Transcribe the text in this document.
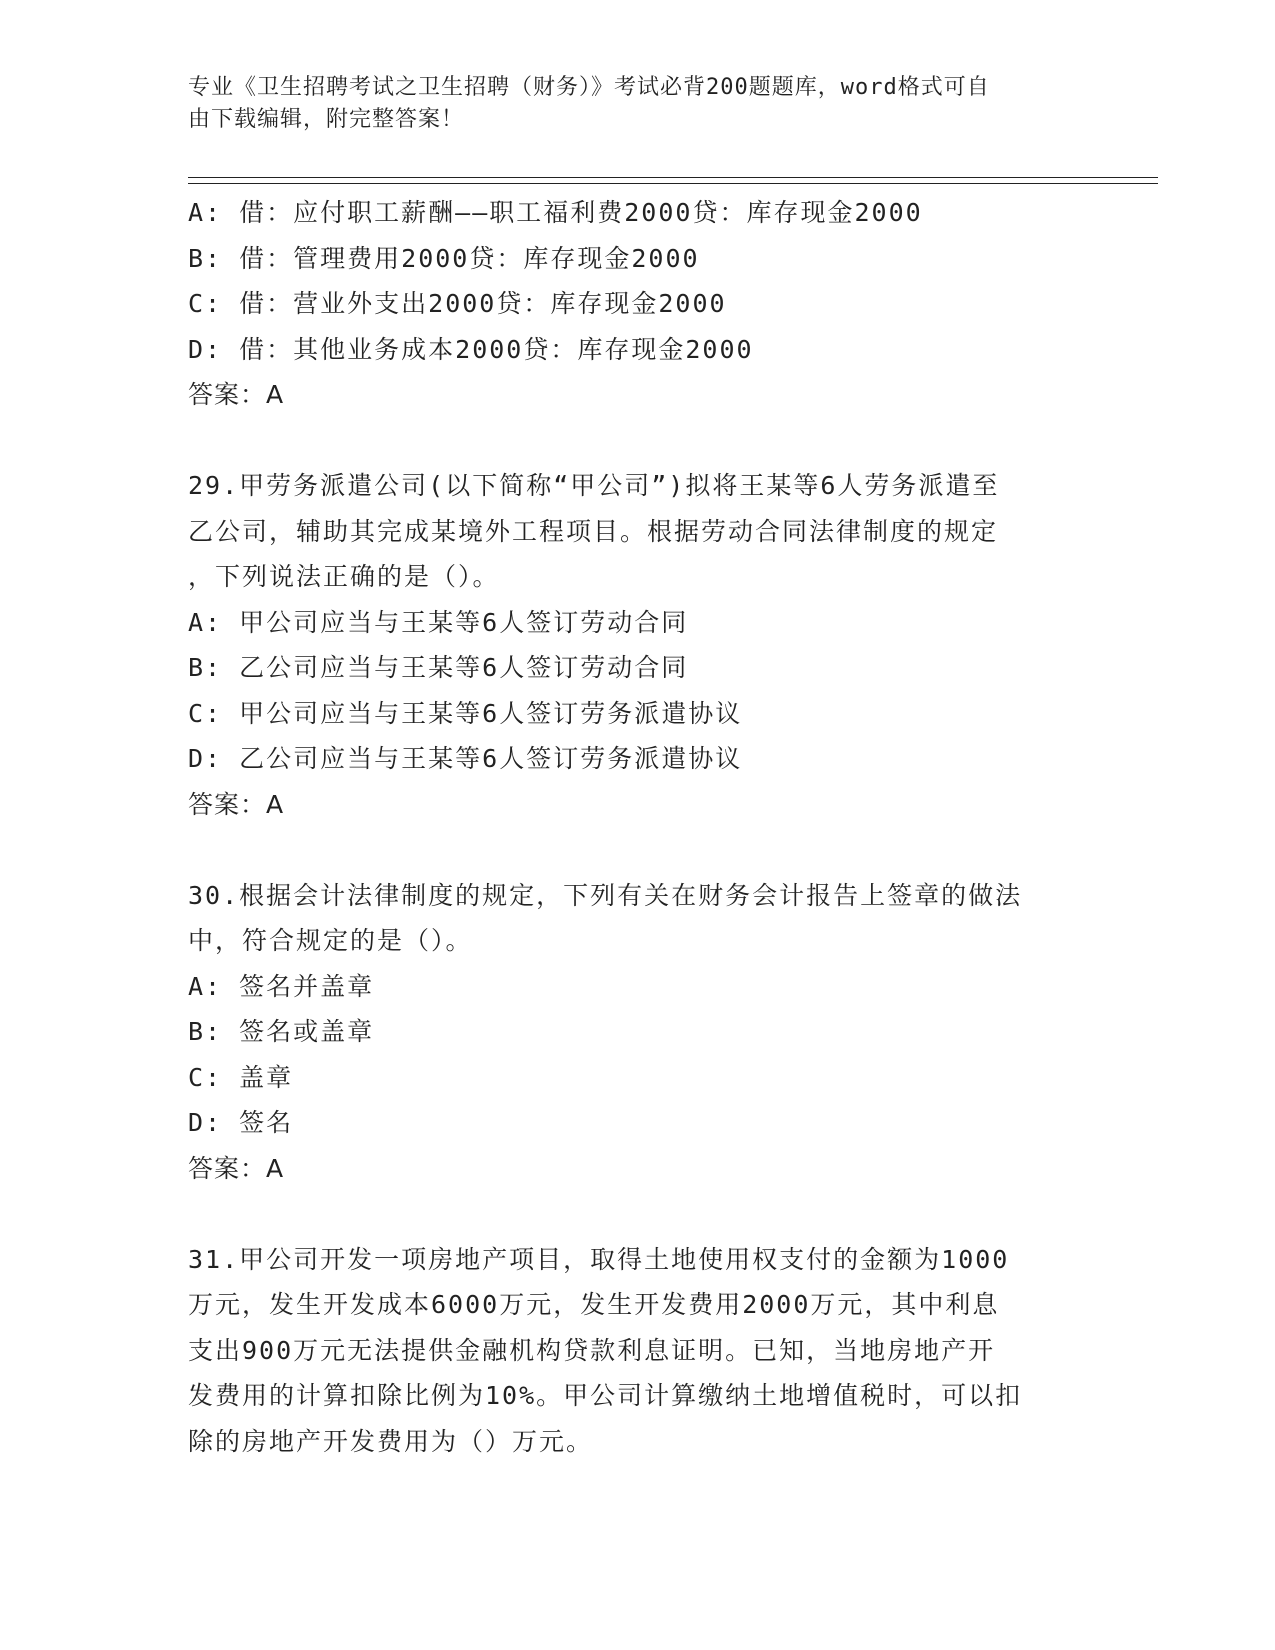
专业《卫生招聘考试之卫生招聘（财务）》考试必背200题题库，word格式可自
由下载编辑，附完整答案！
A: 借：应付职工薪酬——职工福利费2000贷：库存现金2000
B: 借：管理费用2000贷：库存现金2000
C: 借：营业外支出2000贷：库存现金2000
D: 借：其他业务成本2000贷：库存现金2000
答案：A
29.甲劳务派遣公司(以下简称“甲公司”)拟将王某等6人劳务派遣至
乙公司，辅助其完成某境外工程项目。根据劳动合同法律制度的规定
，下列说法正确的是（）。
A: 甲公司应当与王某等6人签订劳动合同
B: 乙公司应当与王某等6人签订劳动合同
C: 甲公司应当与王某等6人签订劳务派遣协议
D: 乙公司应当与王某等6人签订劳务派遣协议
答案：A
30.根据会计法律制度的规定，下列有关在财务会计报告上签章的做法
中，符合规定的是（）。
A: 签名并盖章
B: 签名或盖章
C: 盖章
D: 签名
答案：A
31.甲公司开发一项房地产项目，取得土地使用权支付的金额为1000
万元，发生开发成本6000万元，发生开发费用2000万元，其中利息
支出900万元无法提供金融机构贷款利息证明。已知，当地房地产开
发费用的计算扣除比例为10%。甲公司计算缴纳土地增值税时，可以扣
除的房地产开发费用为（）万元。
